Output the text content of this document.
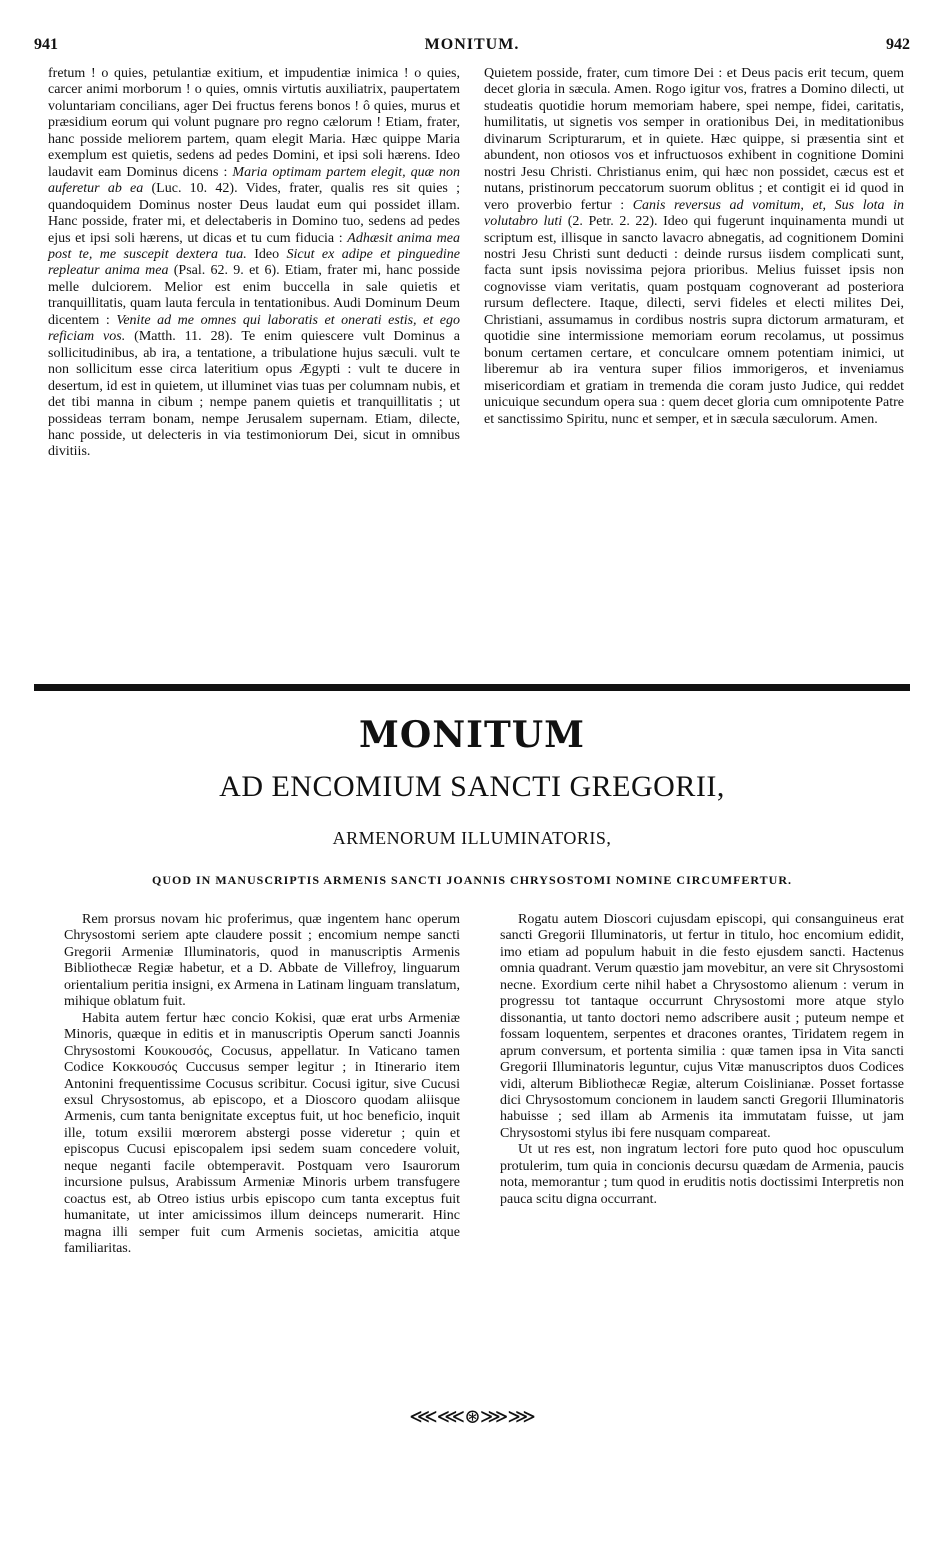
941	MONITUM.	942

fretum ! o quies, petulantiæ exitium, et impudentiæ inimica ! o quies, carcer animi morborum ! o quies, omnis virtutis auxiliatrix, paupertatem voluntariam concilians, ager Dei fructus ferens bonos ! ô quies, murus et præsidium eorum qui volunt pugnare pro regno cælorum ! Etiam, frater, hanc posside meliorem partem, quam elegit Maria. Hæc quippe Maria exemplum est quietis, sedens ad pedes Domini, et ipsi soli hærens. Ideo laudavit eam Dominus dicens : Maria optimam partem elegit, quæ non auferetur ab ea (Luc. 10. 42). Vides, frater, qualis res sit quies ; quandoquidem Dominus noster Deus laudat eum qui possidet illam. Hanc posside, frater mi, et delectaberis in Domino tuo, sedens ad pedes ejus et ipsi soli hærens, ut dicas et tu cum fiducia : Adhæsit anima mea post te, me suscepit dextera tua. Ideo Sicut ex adipe et pinguedine repleatur anima mea (Psal. 62. 9. et 6). Etiam, frater mi, hanc posside melle dulciorem. Melior est enim buccella in sale quietis et tranquillitatis, quam lauta fercula in tentationibus. Audi Dominum Deum dicentem : Venite ad me omnes qui laboratis et onerati estis, et ego reficiam vos. (Matth. 11. 28). Te enim quiescere vult Dominus a sollicitudinibus, ab ira, a tentatione, a tribulatione hujus sæculi. vult te non sollicitum esse circa lateritium opus Ægypti : vult te ducere in desertum, id est in quietem, ut illuminet vias tuas per columnam nubis, et det tibi manna in cibum ; nempe panem quietis et tranquillitatis ; ut possideas terram bonam, nempe Jerusalem supernam. Etiam, dilecte, hanc posside, ut delecteris in via testimoniorum Dei, sicut in omnibus divitiis.

Quietem posside, frater, cum timore Dei : et Deus pacis erit tecum, quem decet gloria in sæcula. Amen. Rogo igitur vos, fratres a Domino dilecti, ut studeatis quotidie horum memoriam habere, spei nempe, fidei, caritatis, humilitatis, ut signetis vos semper in orationibus Dei, in meditationibus divinarum Scripturarum, et in quiete. Hæc quippe, si præsentia sint et abundent, non otiosos vos et infructuosos exhibent in cognitione Domini nostri Jesu Christi. Christianus enim, qui hæc non possidet, cæcus est et nutans, pristinorum peccatorum suorum oblitus ; et contigit ei id quod in vero proverbio fertur : Canis reversus ad vomitum, et, Sus lota in volutabro luti (2. Petr. 2. 22). Ideo qui fugerunt inquinamenta mundi ut scriptum est, illisque in sancto lavacro abnegatis, ad cognitionem Domini nostri Jesu Christi sunt deducti : deinde rursus iisdem complicati sunt, facta sunt ipsis novissima pejora prioribus. Melius fuisset ipsis non cognovisse viam veritatis, quam postquam cognoverant ad posteriora rursum deflectere. Itaque, dilecti, servi fideles et electi milites Dei, Christiani, assumamus in cordibus nostris supra dictorum armaturam, et quotidie sine intermissione memoriam eorum recolamus, ut possimus bonum certamen certare, et conculcare omnem potentiam inimici, ut liberemur ab ira ventura super filios immorigeros, et inveniamus misericordiam et gratiam in tremenda die coram justo Judice, qui reddet unicuique secundum opera sua : quem decet gloria cum omnipotente Patre et sanctissimo Spiritu, nunc et semper, et in sæcula sæculorum. Amen.

MONITUM
AD ENCOMIUM SANCTI GREGORII,
ARMENORUM ILLUMINATORIS,
QUOD IN MANUSCRIPTIS ARMENIS SANCTI JOANNIS CHRYSOSTOMI NOMINE CIRCUMFERTUR.

Rem prorsus novam hic proferimus, quæ ingentem hanc operum Chrysostomi seriem apte claudere possit ; encomium nempe sancti Gregorii Armeniæ Illuminatoris, quod in manuscriptis Armenis Bibliothecæ Regiæ habetur, et a D. Abbate de Villefroy, linguarum orientalium peritia insigni, ex Armena in Latinam linguam translatum, mihique oblatum fuit.

Habita autem fertur hæc concio Kokisi, quæ erat urbs Armeniæ Minoris, quæque in editis et in manuscriptis Operum sancti Joannis Chrysostomi Κουκουσός, Cocusus, appellatur. In Vaticano tamen Codice Κοκκουσός Cuccusus semper legitur ; in Itinerario item Antonini frequentissime Cocusus scribitur. Cocusi igitur, sive Cucusi exsul Chrysostomus, ab episcopo, et a Dioscoro quodam aliisque Armenis, cum tanta benignitate exceptus fuit, ut hoc beneficio, inquit ille, totum exsilii mœrorem abstergi posse videretur ; quin et episcopus Cucusi episcopalem ipsi sedem suam concedere voluit, neque neganti facile obtemperavit. Postquam vero Isaurorum incursione pulsus, Arabissum Armeniæ Minoris urbem transfugere coactus est, ab Otreo istius urbis episcopo cum tanta exceptus fuit humanitate, ut inter amicissimos illum deinceps numerarit. Hinc magna illi semper fuit cum Armenis societas, amicitia atque familiaritas.

Rogatu autem Dioscori cujusdam episcopi, qui consanguineus erat sancti Gregorii Illuminatoris, ut fertur in titulo, hoc encomium edidit, imo etiam ad populum habuit in die festo ejusdem sancti. Hactenus omnia quadrant. Verum quæstio jam movebitur, an vere sit Chrysostomi necne. Exordium certe nihil habet a Chrysostomo alienum : verum in progressu tot tantaque occurrunt Chrysostomi more atque stylo dissonantia, ut tanto doctori nemo adscribere ausit ; puteum nempe et fossam loquentem, serpentes et dracones orantes, Tiridatem regem in aprum conversum, et portenta similia : quæ tamen ipsa in Vita sancti Gregorii Illuminatoris leguntur, cujus Vitæ manuscriptos duos Codices vidi, alterum Bibliothecæ Regiæ, alterum Coislinianæ. Posset fortasse dici Chrysostomum concionem in laudem sancti Gregorii Illuminatoris habuisse ; sed illam ab Armenis ita immutatam fuisse, ut jam Chrysostomi stylus ibi fere nusquam compareat.

Ut ut res est, non ingratum lectori fore puto quod hoc opusculum protulerim, tum quia in concionis decursu quædam de Armenia, paucis nota, memorantur ; tum quod in eruditis notis doctissimi Interpretis non pauca scitu digna occurrant.

⋘⋘⊛⋙⋙
